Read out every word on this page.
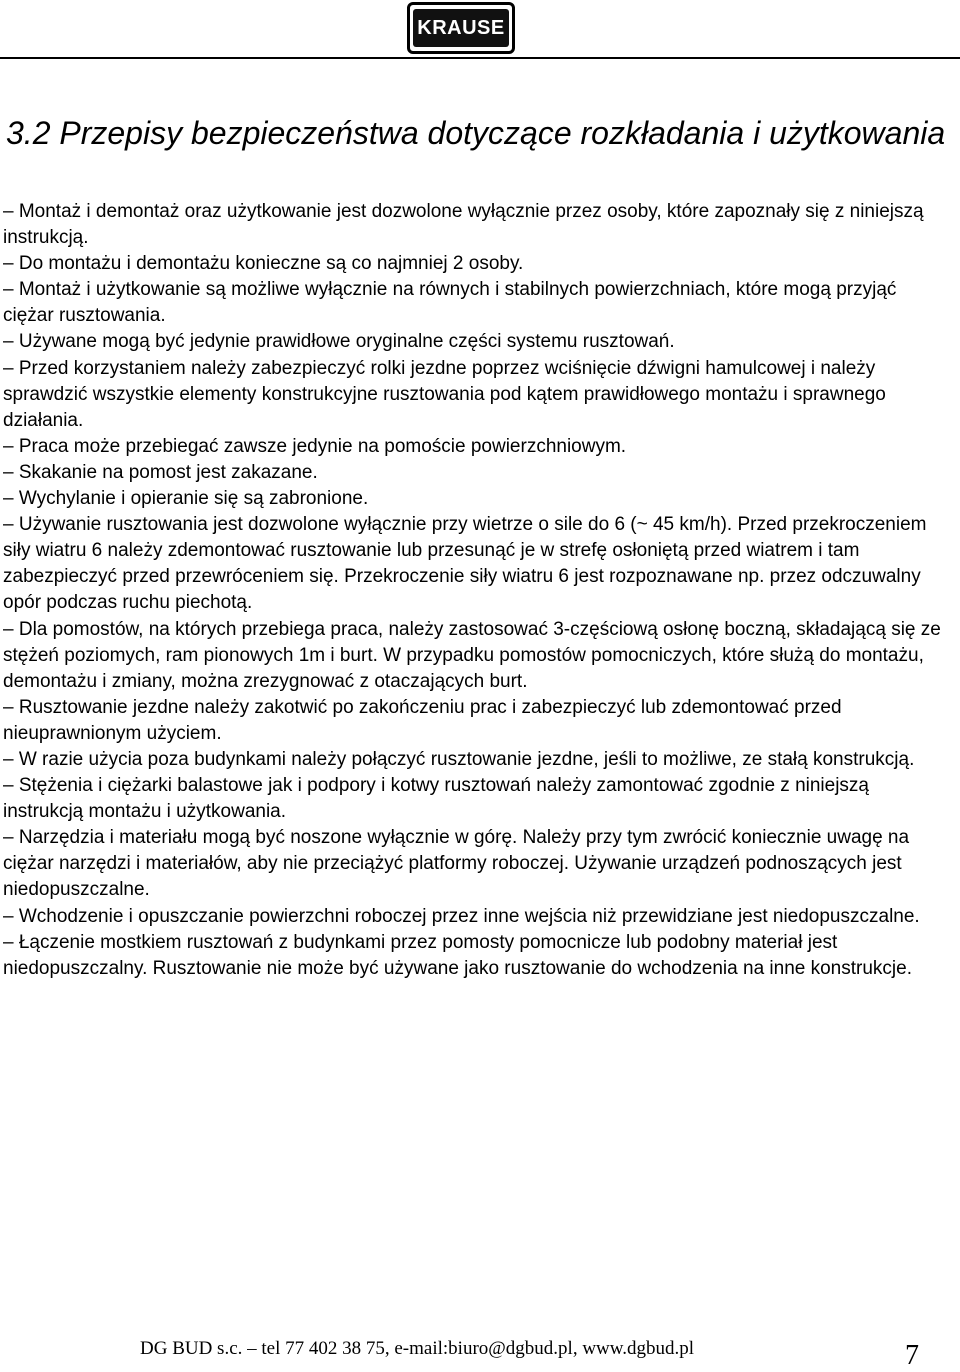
KRAUSE
3.2 Przepisy bezpieczeństwa dotyczące rozkładania i użytkowania

– Montaż i demontaż oraz użytkowanie jest dozwolone wyłącznie przez osoby, które zapoznały się z niniejszą instrukcją.

– Do montażu i demontażu konieczne są co najmniej 2 osoby.

– Montaż i użytkowanie są możliwe wyłącznie na równych i stabilnych powierzchniach, które mogą przyjąć ciężar rusztowania.

– Używane mogą być jedynie prawidłowe oryginalne części systemu rusztowań.

– Przed korzystaniem należy zabezpieczyć rolki jezdne poprzez wciśnięcie dźwigni hamulcowej i należy sprawdzić wszystkie elementy konstrukcyjne rusztowania pod kątem prawidłowego montażu i sprawnego działania.

– Praca może przebiegać zawsze jedynie na pomoście powierzchniowym.

– Skakanie na pomost jest zakazane.

– Wychylanie i opieranie się są zabronione.

– Używanie rusztowania jest dozwolone wyłącznie przy wietrze o sile do 6 (~ 45 km/h). Przed przekroczeniem siły wiatru 6 należy zdemontować rusztowanie lub przesunąć je w strefę osłoniętą przed wiatrem i tam zabezpieczyć przed przewróceniem się. Przekroczenie siły wiatru 6 jest rozpoznawane np. przez odczuwalny opór podczas ruchu piechotą.

– Dla pomostów, na których przebiega praca, należy zastosować 3-częściową osłonę boczną, składającą się ze stężeń poziomych, ram pionowych 1m i burt. W przypadku pomostów pomocniczych, które służą do montażu, demontażu i zmiany, można zrezygnować z otaczających burt.

– Rusztowanie jezdne należy zakotwić po zakończeniu prac i zabezpieczyć lub zdemontować przed nieuprawnionym użyciem.

– W razie użycia poza budynkami należy połączyć rusztowanie jezdne, jeśli to możliwe, ze stałą konstrukcją.

– Stężenia i ciężarki balastowe jak i podpory i kotwy rusztowań należy zamontować zgodnie z niniejszą instrukcją montażu i użytkowania.

– Narzędzia i materiału mogą być noszone wyłącznie w górę. Należy przy tym zwrócić koniecznie uwagę na ciężar narzędzi i materiałów, aby nie przeciążyć platformy roboczej. Używanie urządzeń podnoszących jest niedopuszczalne.

– Wchodzenie i opuszczanie powierzchni roboczej przez inne wejścia niż przewidziane jest niedopuszczalne.

– Łączenie mostkiem rusztowań z budynkami przez pomosty pomocnicze lub podobny materiał jest niedopuszczalny. Rusztowanie nie może być używane jako rusztowanie do wchodzenia na inne konstrukcje.

DG BUD s.c. – tel 77 402 38 75, e-mail:biuro@dgbud.pl, www.dgbud.pl	7
